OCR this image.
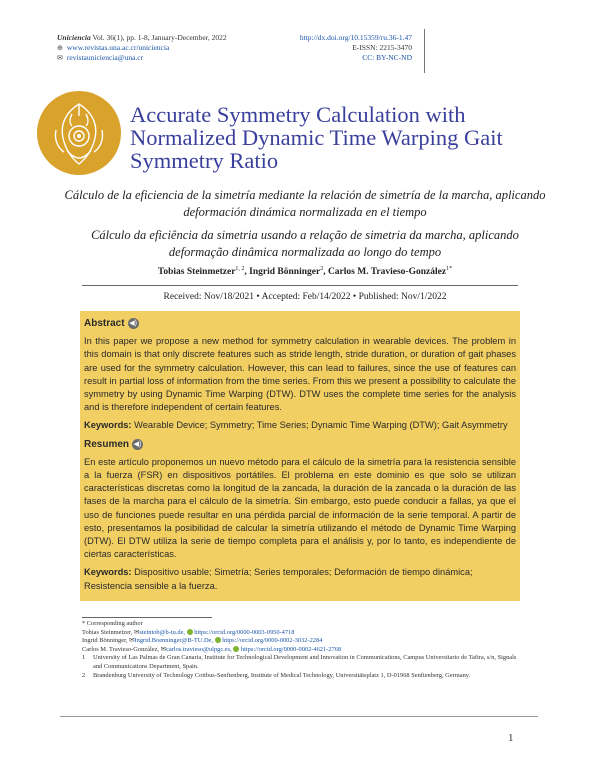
Uniciencia Vol. 36(1), pp. 1-8, January-December, 2022
⊕ www.revistas.una.ac.cr/uniciencia
✉ revistauniciencia@una.cr
http://dx.doi.org/10.15359/ru.36-1.47
E-ISSN: 2215-3470
CC: BY-NC-ND
Accurate Symmetry Calculation with Normalized Dynamic Time Warping Gait Symmetry Ratio
Cálculo de la eficiencia de la simetría mediante la relación de simetría de la marcha, aplicando deformación dinámica normalizada en el tiempo
Cálculo da eficiência da simetria usando a relação de simetria da marcha, aplicando deformação dinâmica normalizada ao longo do tempo
Tobias Steinmetzer$^{1, 2}$, Ingrid Bönninger$^2$, Carlos M. Travieso-González$^{1*}$
Received: Nov/18/2021 • Accepted: Feb/14/2022 • Published: Nov/1/2022
Abstract ◀)
In this paper we propose a new method for symmetry calculation in wearable devices. The problem in this domain is that only discrete features such as stride length, stride duration, or duration of gait phases are used for the symmetry calculation. However, this can lead to failures, since the use of features can result in partial loss of information from the time series. From this we present a possibility to calculate the symmetry by using Dynamic Time Warping (DTW). DTW uses the complete time series for the analysis and is therefore independent of certain features.
Keywords: Wearable Device; Symmetry; Time Series; Dynamic Time Warping (DTW); Gait Asymmetry
Resumen ◀)
En este artículo proponemos un nuevo método para el cálculo de la simetría para la resistencia sensible a la fuerza (FSR) en dispositivos portátiles. El problema en este dominio es que solo se utilizan características discretas como la longitud de la zancada, la duración de la zancada o la duración de las fases de la marcha para el cálculo de la simetría. Sin embargo, esto puede conducir a fallas, ya que el uso de funciones puede resultar en una pérdida parcial de información de la serie temporal. A partir de esto, presentamos la posibilidad de calcular la simetría utilizando el método de Dynamic Time Warping (DTW). El DTW utiliza la serie de tiempo completa para el análisis y, por lo tanto, es independiente de ciertas características.
Keywords: Dispositivo usable; Simetría; Series temporales; Deformación de tiempo dinámica; Resistencia sensible a la fuerza.
* Corresponding author
Tobias Steinmetzer, ✉steintob@b-tu.de, https://orcid.org/0000-0003-0950-4718
Ingrid Bönninger, ✉Ingrid.Boenninger@B-TU.De, https://orcid.org/0000-0002-3032-2284
Carlos M. Travieso-González, ✉carlos.travieso@ulpgc.es, https://orcid.org/0000-0002-4621-2768
1	University of Las Palmas de Gran Canaria, Institute for Technological Development and Innovation in Communications, Campus Universitario de Tafira, s/n, Signals and Communications Department, Spain.
2	Brandenburg University of Technology Cottbus-Senftenberg, Institute of Medical Technology, Universitätsplatz 1, D-01968 Senftenberg, Germany.
1
